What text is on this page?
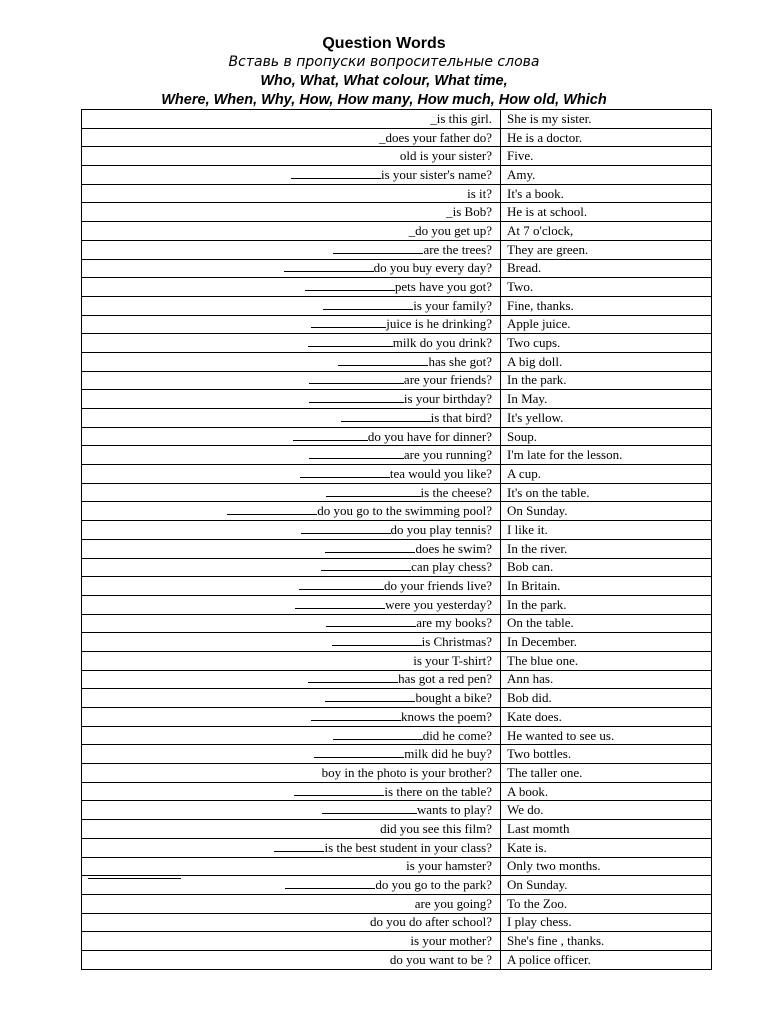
Question Words
Вставь в пропуски вопросительные слова
Who, What, What colour, What time,
Where, When, Why, How, How many, How much, How old, Which
_is this girl.	She is my sister.
_does your father do?	He is a doctor.
old is your sister?	Five.
is your sister's name?	Amy.
is it?	It's a book.
_is Bob?	He is at school.
_do you get up?	At 7 o'clock,
are the trees?	They are green.
do you buy every day?	Bread.
pets have you got?	Two.
is your family?	Fine, thanks.
juice is he drinking?	Apple juice.
milk do you drink?	Two cups.
has she got?	A big doll.
are your friends?	In the park.
is your birthday?	In May.
is that bird?	It's yellow.
do you have for dinner?	Soup.
are you running?	I'm late for the lesson.
tea would you like?	A cup.
is the cheese?	It's on the table.
do you go to the swimming pool?	On Sunday.
do you play tennis?	I like it.
does he swim?	In the river.
can play chess?	Bob can.
do your friends live?	In Britain.
were you yesterday?	In the park.
are my books?	On the table.
is Christmas?	In December.
is your T-shirt?	The blue one.
has got a red pen?	Ann has.
bought a bike?	Bob did.
knows the poem?	Kate does.
did he come?	He wanted to see us.
milk did he buy?	Two bottles.
boy in the photo is your brother?	The taller one.
is there on the table?	A book.
wants to play?	We do.
did you see this film?	Last momth
is the best student in your class?	Kate is.
is your hamster?	Only two months.
do you go to the park?	On Sunday.
are you going?	To the Zoo.
do you do after school?	I play chess.
is your mother?	She's fine , thanks.
do you want to be ?	A police officer.
